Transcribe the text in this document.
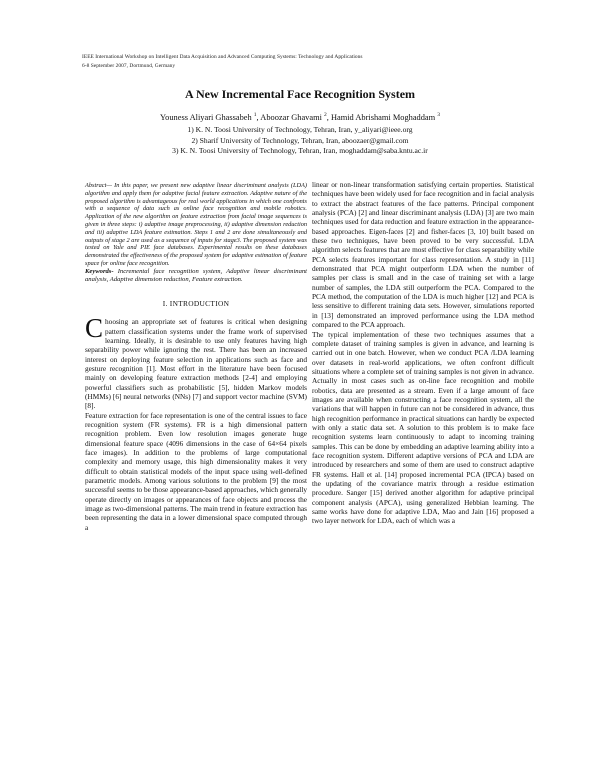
IEEE International Workshop on Intelligent Data Acquisition and Advanced Computing Systems: Technology and Applications
6-8 September 2007, Dortmund, Germany
A New Incremental Face Recognition System
Youness Aliyari Ghassabeh $^1$, Aboozar Ghavami $^2$, Hamid Abrishami Moghaddam $^3$
1) K. N. Toosi University of Technology, Tehran, Iran, y_aliyari@ieee.org
2) Sharif University of Technology, Tehran, Iran, aboozaer@gmail.com
3) K. N. Toosi University of Technology, Tehran, Iran, moghaddam@saba.kntu.ac.ir

Abstract— In this paper, we present new adaptive linear discriminant analysis (LDA) algorithm and apply them for adaptive facial feature extraction. Adaptive nature of the proposed algorithm is advantageous for real world applications in which one confronts with a sequence of data such as online face recognition and mobile robotics. Application of the new algorithm on feature extraction from facial image sequences is given in three steps: i) adaptive image preprocessing, ii) adaptive dimension reduction and iii) adaptive LDA feature estimation. Steps 1 and 2 are done simultaneously and outputs of stage 2 are used as a sequence of inputs for stage3. The proposed system was tested on Yale and PIE face databases. Experimental results on these databases demonstrated the effectiveness of the proposed system for adaptive estimation of feature space for online face recognition.

Keywords- Incremental face recognition system, Adaptive linear discriminant analysis, Adaptive dimension reduction, Feature extraction.

I. INTRODUCTION

Choosing an appropriate set of features is critical when designing pattern classification systems under the frame work of supervised learning. Ideally, it is desirable to use only features having high separability power while ignoring the rest. There has been an increased interest on deploying feature selection in applications such as face and gesture recognition [1]. Most effort in the literature have been focused mainly on developing feature extraction methods [2-4] and employing powerful classifiers such as probabilistic [5], hidden Markov models (HMMs) [6] neural networks (NNs) [7] and support vector machine (SVM) [8].

Feature extraction for face representation is one of the central issues to face recognition system (FR systems). FR is a high dimensional pattern recognition problem. Even low resolution images generate huge dimensional feature space (4096 dimensions in the case of 64×64 pixels face images). In addition to the problems of large computational complexity and memory usage, this high dimensionality makes it very difficult to obtain statistical models of the input space using well-defined parametric models. Among various solutions to the problem [9] the most successful seems to be those appearance-based approaches, which generally operate directly on images or appearances of face objects and process the image as two-dimensional patterns. The main trend in feature extraction has been representing the data in a lower dimensional space computed through a

linear or non-linear transformation satisfying certain properties. Statistical techniques have been widely used for face recognition and in facial analysis to extract the abstract features of the face patterns. Principal component analysis (PCA) [2] and linear discriminant analysis (LDA) [3] are two main techniques used for data reduction and feature extraction in the appearance-based approaches. Eigen-faces [2] and fisher-faces [3, 10] built based on these two techniques, have been proved to be very successful. LDA algorithm selects features that are most effective for class separability while PCA selects features important for class representation. A study in [11] demonstrated that PCA might outperform LDA when the number of samples per class is small and in the case of training set with a large number of samples, the LDA still outperform the PCA. Compared to the PCA method, the computation of the LDA is much higher [12] and PCA is less sensitive to different training data sets. However, simulations reported in [13] demonstrated an improved performance using the LDA method compared to the PCA approach.

The typical implementation of these two techniques assumes that a complete dataset of training samples is given in advance, and learning is carried out in one batch. However, when we conduct PCA /LDA learning over datasets in real-world applications, we often confront difficult situations where a complete set of training samples is not given in advance. Actually in most cases such as on-line face recognition and mobile robotics, data are presented as a stream. Even if a large amount of face images are available when constructing a face recognition system, all the variations that will happen in future can not be considered in advance, thus high recognition performance in practical situations can hardly be expected with only a static data set. A solution to this problem is to make face recognition systems learn continuously to adapt to incoming training samples. This can be done by embedding an adaptive learning ability into a face recognition system. Different adaptive versions of PCA and LDA are introduced by researchers and some of them are used to construct adaptive FR systems. Hall et al. [14] proposed incremental PCA (IPCA) based on the updating of the covariance matrix through a residue estimation procedure. Sanger [15] derived another algorithm for adaptive principal component analysis (APCA), using generalized Hebbian learning. The same works have done for adaptive LDA, Mao and Jain [16] proposed a two layer network for LDA, each of which was a
